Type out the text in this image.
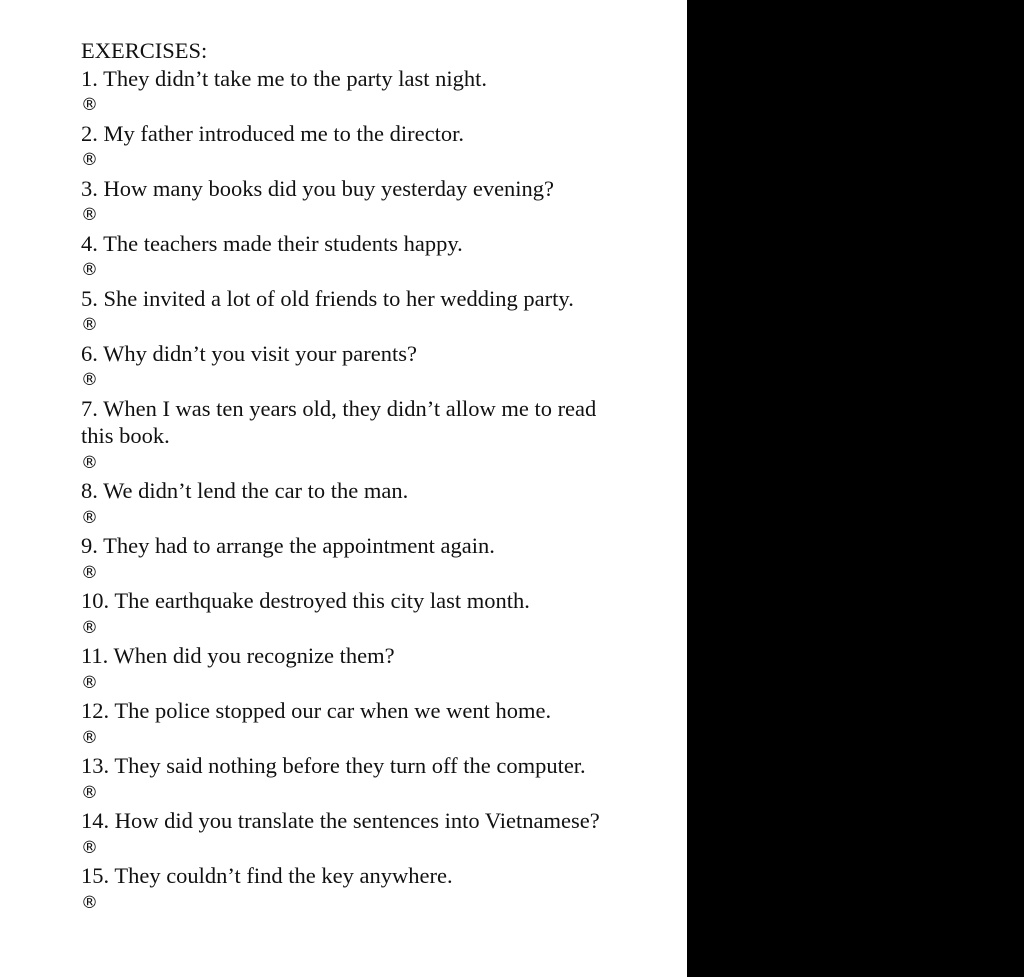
EXERCISES:

1. They didn’t take me to the party last night.

®

2. My father introduced me to the director.

®

3. How many books did you buy yesterday evening?

®

4. The teachers made their students happy.

®

5. She invited a lot of old friends to her wedding party.

®

6. Why didn’t you visit your parents?

®

7. When I was ten years old, they didn’t allow me to read this book.

®

8. We didn’t lend the car to the man.

®

9. They had to arrange the appointment again.

®

10. The earthquake destroyed this city last month.

®

11. When did you recognize them?

®

12. The police stopped our car when we went home.

®

13. They said nothing before they turn off the computer.

®

14. How did you translate the sentences into Vietnamese?

®

15. They couldn’t find the key anywhere.

®
